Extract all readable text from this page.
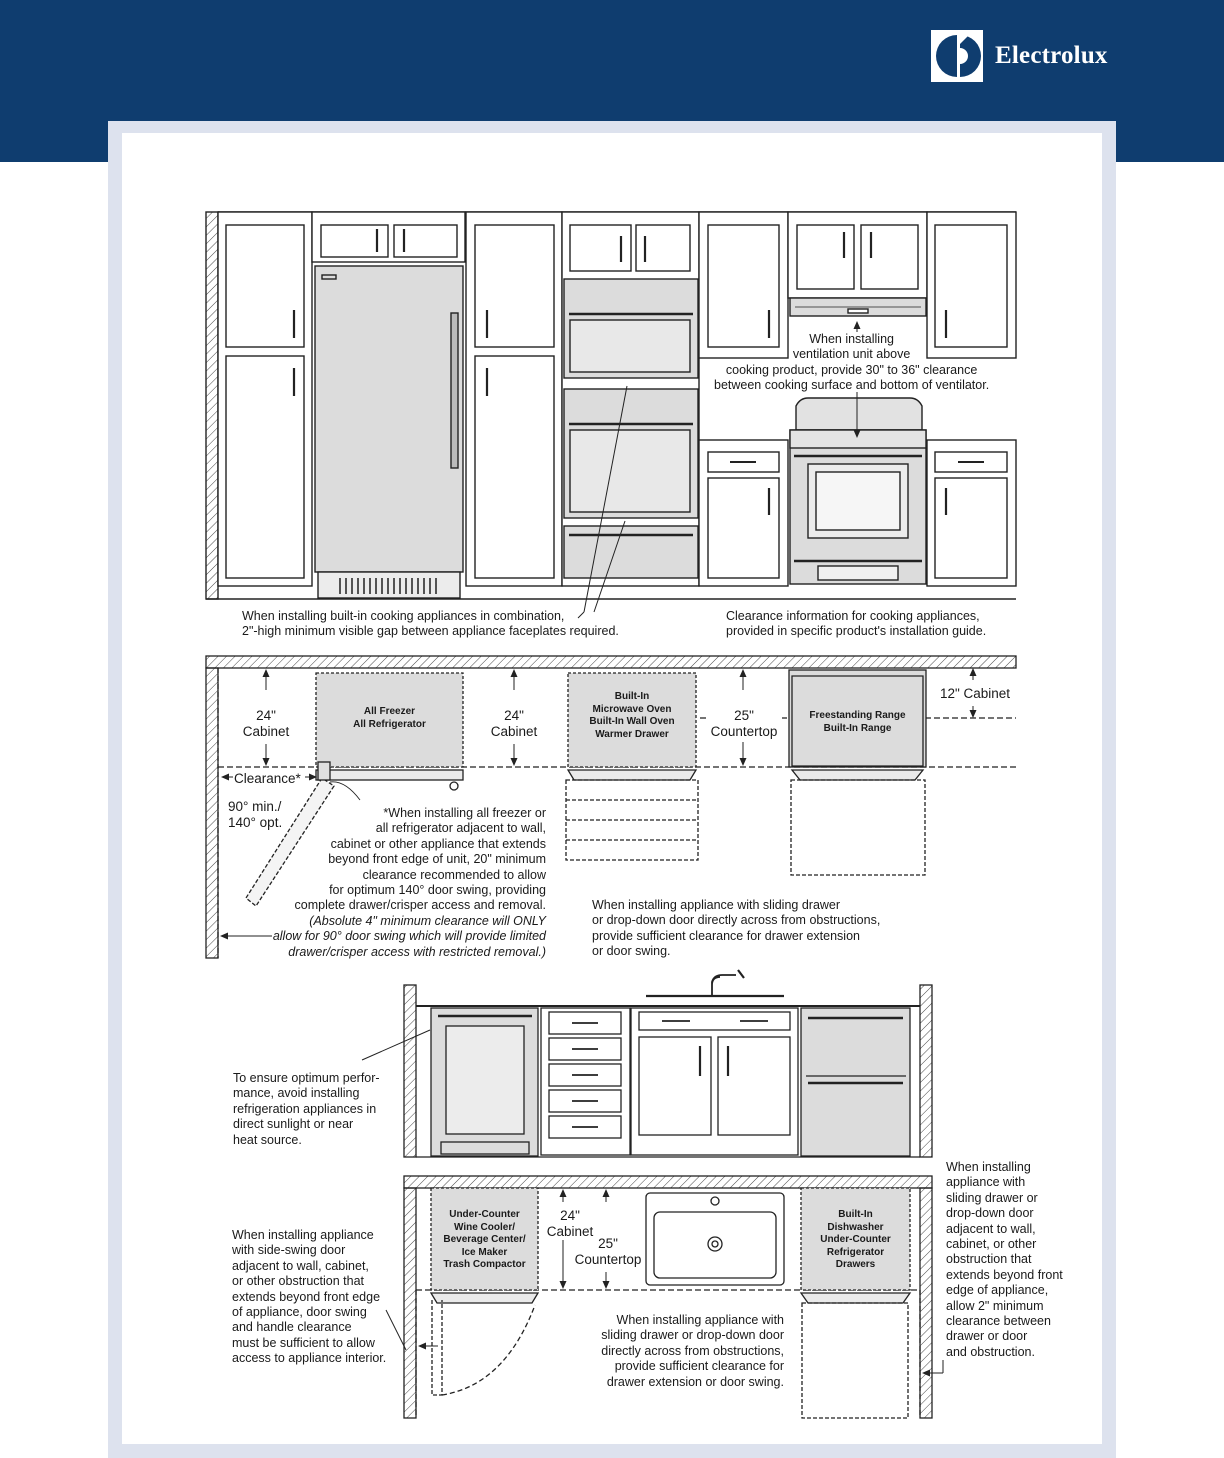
Electrolux
When installing
ventilation unit above
cooking product, provide 30" to 36" clearance
between cooking surface and bottom of ventilator.
When installing built-in cooking appliances in combination,
2"-high minimum visible gap between appliance faceplates required.
Clearance information for cooking appliances,
provided in specific product's installation guide.
24"
Cabinet
All Freezer
All Refrigerator
24"
Cabinet
Built-In
Microwave Oven
Built-In Wall Oven
Warmer Drawer
25"
Countertop
Freestanding Range
Built-In Range
12" Cabinet
Clearance*
90° min./
140° opt.
*When installing all freezer or
all refrigerator adjacent to wall,
cabinet or other appliance that extends
beyond front edge of unit, 20" minimum
clearance recommended to allow
for optimum 140° door swing, providing
complete drawer/crisper access and removal.
(Absolute 4" minimum clearance will ONLY
allow for 90° door swing which will provide limited
drawer/crisper access with restricted removal.)
When installing appliance with sliding drawer
or drop-down door directly across from obstructions,
provide sufficient clearance for drawer extension
or door swing.
To ensure optimum perfor-
mance, avoid installing
refrigeration appliances in
direct sunlight or near
heat source.
Under-Counter
Wine Cooler/
Beverage Center/
Ice Maker
Trash Compactor
24"
Cabinet
25"
Countertop
Built-In
Dishwasher
Under-Counter
Refrigerator
Drawers
When installing appliance
with side-swing door
adjacent to wall, cabinet,
or other obstruction that
extends beyond front edge
of appliance, door swing
and handle clearance
must be sufficient to allow
access to appliance interior.
When installing appliance with
sliding drawer or drop-down door
directly across from obstructions,
provide sufficient clearance for
drawer extension or door swing.
When installing
appliance with
sliding drawer or
drop-down door
adjacent to wall,
cabinet, or other
obstruction that
extends beyond front
edge of appliance,
allow 2" minimum
clearance between
drawer or door
and obstruction.
